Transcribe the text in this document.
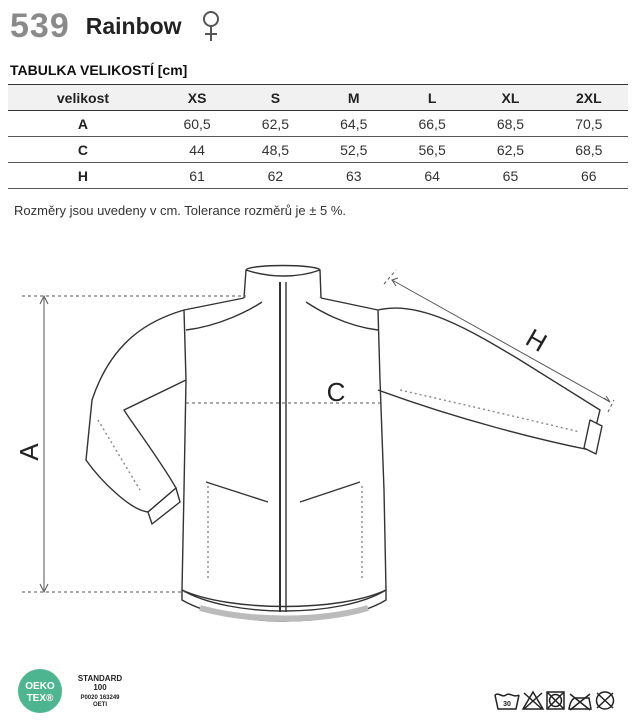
539 Rainbow
TABULKA VELIKOSTÍ [cm]
velikost	XS	S	M	L	XL	2XL
A	60,5	62,5	64,5	66,5	68,5	70,5
C	44	48,5	52,5	56,5	62,5	68,5
H	61	62	63	64	65	66
Rozměry jsou uvedeny v cm. Tolerance rozměrů je ± 5 %.
A
C
H
OEKO
TEX®
STANDARD
100
P0020 163249
OETI	30
